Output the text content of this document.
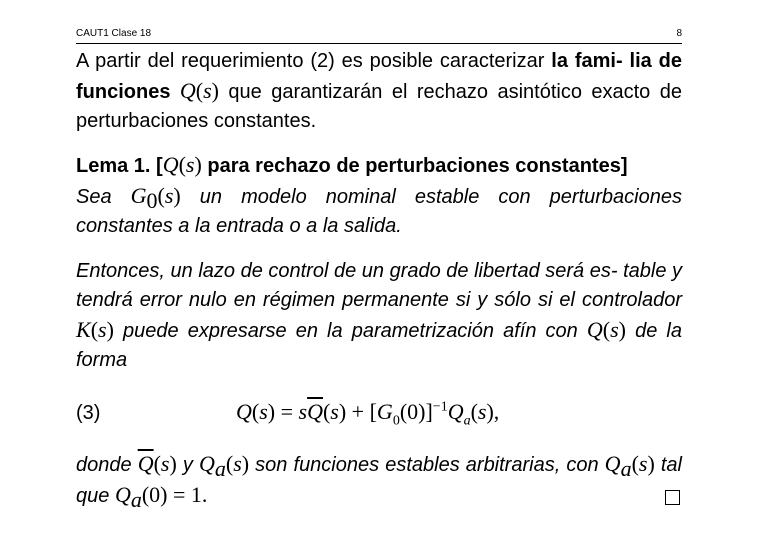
CAUT1 Clase 18	8
A partir del requerimiento (2) es posible caracterizar la fami- lia de funciones Q(s) que garantizarán el rechazo asintótico exacto de perturbaciones constantes.
Lema 1. [Q(s) para rechazo de perturbaciones constantes]
Sea $G_0(s)$ un modelo nominal estable con perturbaciones constantes a la entrada o a la salida.
Entonces, un lazo de control de un grado de libertad será es- table y tendrá error nulo en régimen permanente si y sólo si el controlador K(s) puede expresarse en la parametrización afín con Q(s) de la forma
(3)	$Q(s) = s\overline{Q}(s) + [G_0(0)]^{-1}Q_a(s)$,
donde $\overline{Q}(s)$ y $Q_a(s)$ son funciones estables arbitrarias, con $Q_a(s)$ tal que $Q_a(0) = 1$.
